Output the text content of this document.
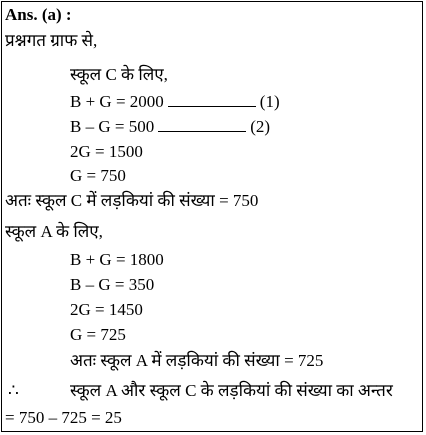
Ans. (a) :
प्रश्नगत ग्राफ से,
स्कूल C के लिए,
B + G = 2000	(1)
B – G = 500	(2)
2G = 1500
G = 750
अतः स्कूल C में लड़कियां की संख्या = 750
स्कूल A के लिए,
B + G = 1800
B – G = 350
2G = 1450
G = 725
अतः स्कूल A में लड़कियां की संख्या = 725
∴	स्कूल A और स्कूल C के लड़कियां की संख्या का अन्तर
= 750 – 725 = 25
